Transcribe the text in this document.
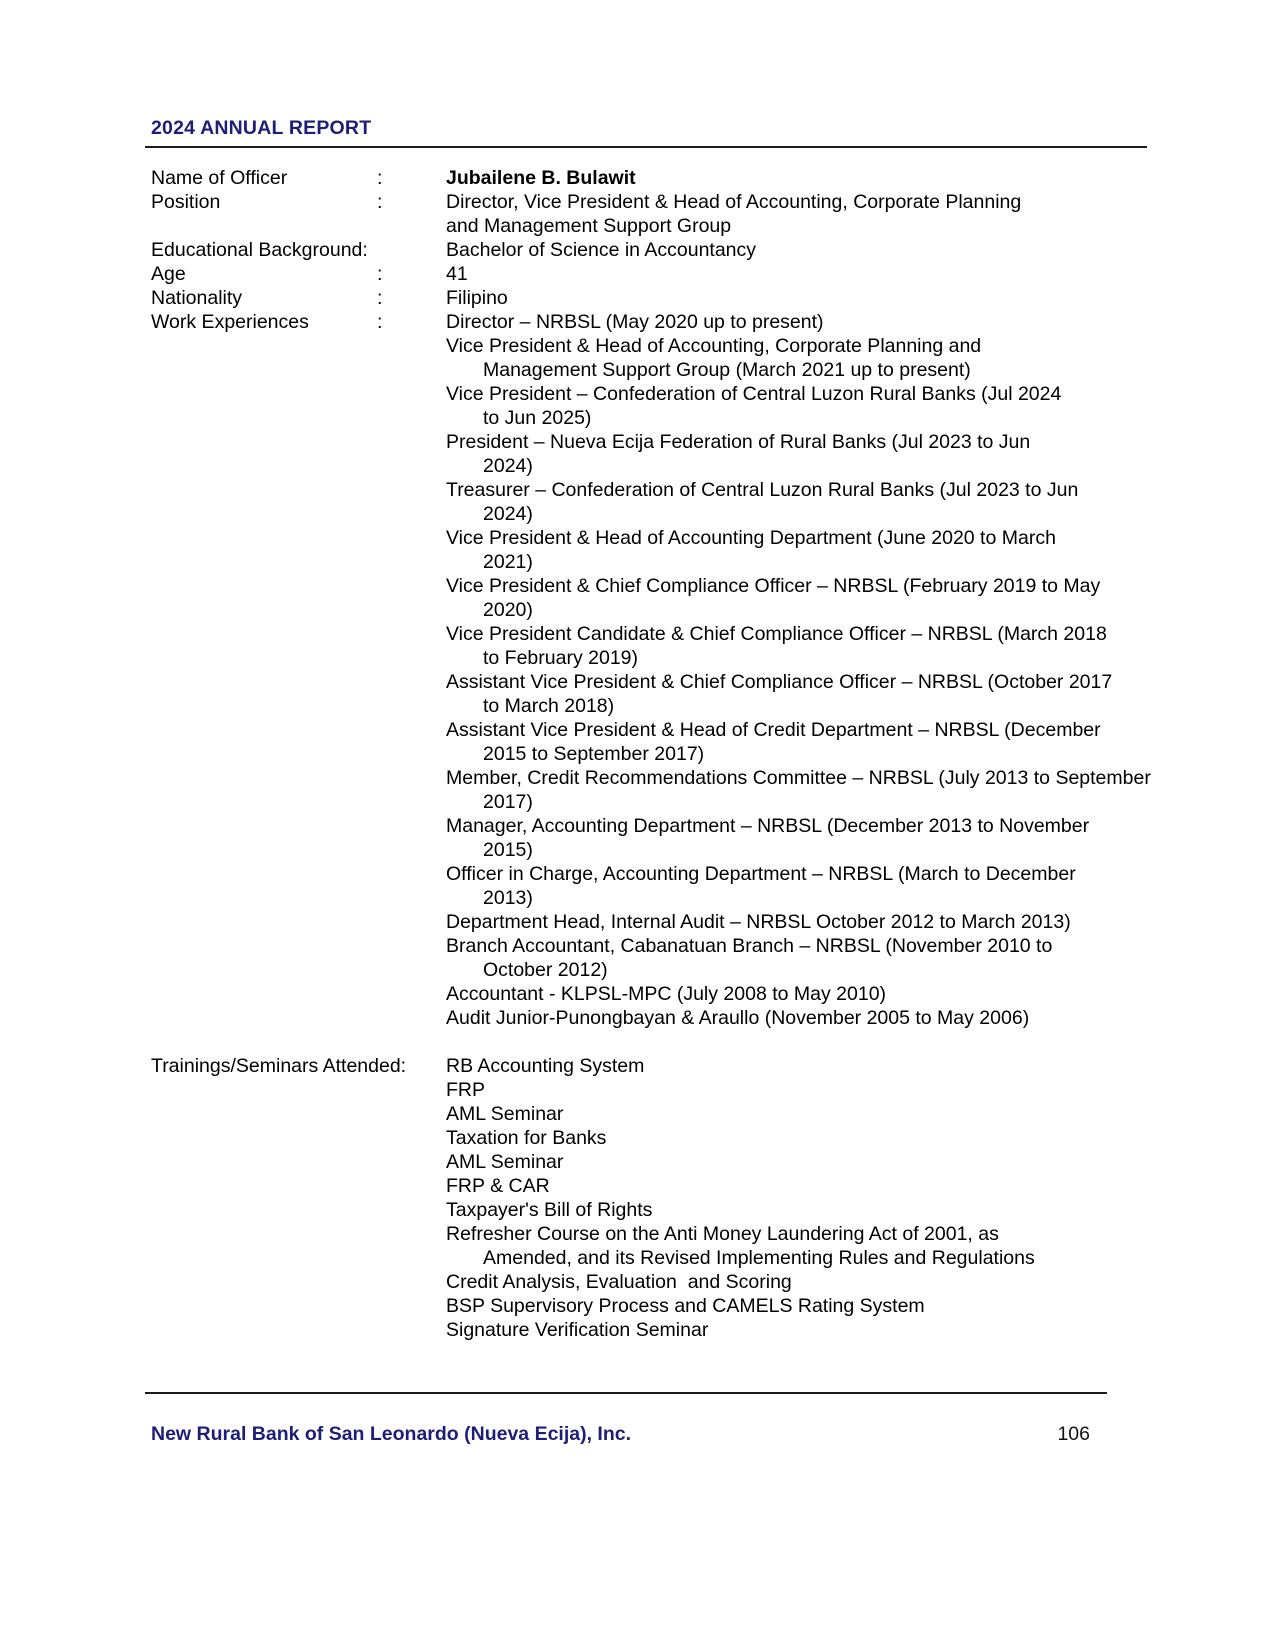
2024 ANNUAL REPORT
Name of Officer	:	Jubailene B. Bulawit
Position	:	Director, Vice President & Head of Accounting, Corporate Planning
and Management Support Group
Educational Background:	Bachelor of Science in Accountancy
Age	:	41
Nationality	:	Filipino
Work Experiences	:	Director – NRBSL (May 2020 up to present)
Vice President & Head of Accounting, Corporate Planning and
Management Support Group (March 2021 up to present)
Vice President – Confederation of Central Luzon Rural Banks (Jul 2024
to Jun 2025)
President – Nueva Ecija Federation of Rural Banks (Jul 2023 to Jun
2024)
Treasurer – Confederation of Central Luzon Rural Banks (Jul 2023 to Jun
2024)
Vice President & Head of Accounting Department (June 2020 to March
2021)
Vice President & Chief Compliance Officer – NRBSL (February 2019 to May
2020)
Vice President Candidate & Chief Compliance Officer – NRBSL (March 2018
to February 2019)
Assistant Vice President & Chief Compliance Officer – NRBSL (October 2017
to March 2018)
Assistant Vice President & Head of Credit Department – NRBSL (December
2015 to September 2017)
Member, Credit Recommendations Committee – NRBSL (July 2013 to September
2017)
Manager, Accounting Department – NRBSL (December 2013 to November
2015)
Officer in Charge, Accounting Department – NRBSL (March to December
2013)
Department Head, Internal Audit – NRBSL October 2012 to March 2013)
Branch Accountant, Cabanatuan Branch – NRBSL (November 2010 to
October 2012)
Accountant - KLPSL-MPC (July 2008 to May 2010)
Audit Junior-Punongbayan & Araullo (November 2005 to May 2006)
Trainings/Seminars Attended: RB Accounting System
FRP
AML Seminar
Taxation for Banks
AML Seminar
FRP & CAR
Taxpayer's Bill of Rights
Refresher Course on the Anti Money Laundering Act of 2001, as
Amended, and its Revised Implementing Rules and Regulations
Credit Analysis, Evaluation  and Scoring
BSP Supervisory Process and CAMELS Rating System
Signature Verification Seminar
New Rural Bank of San Leonardo (Nueva Ecija), Inc.	106
